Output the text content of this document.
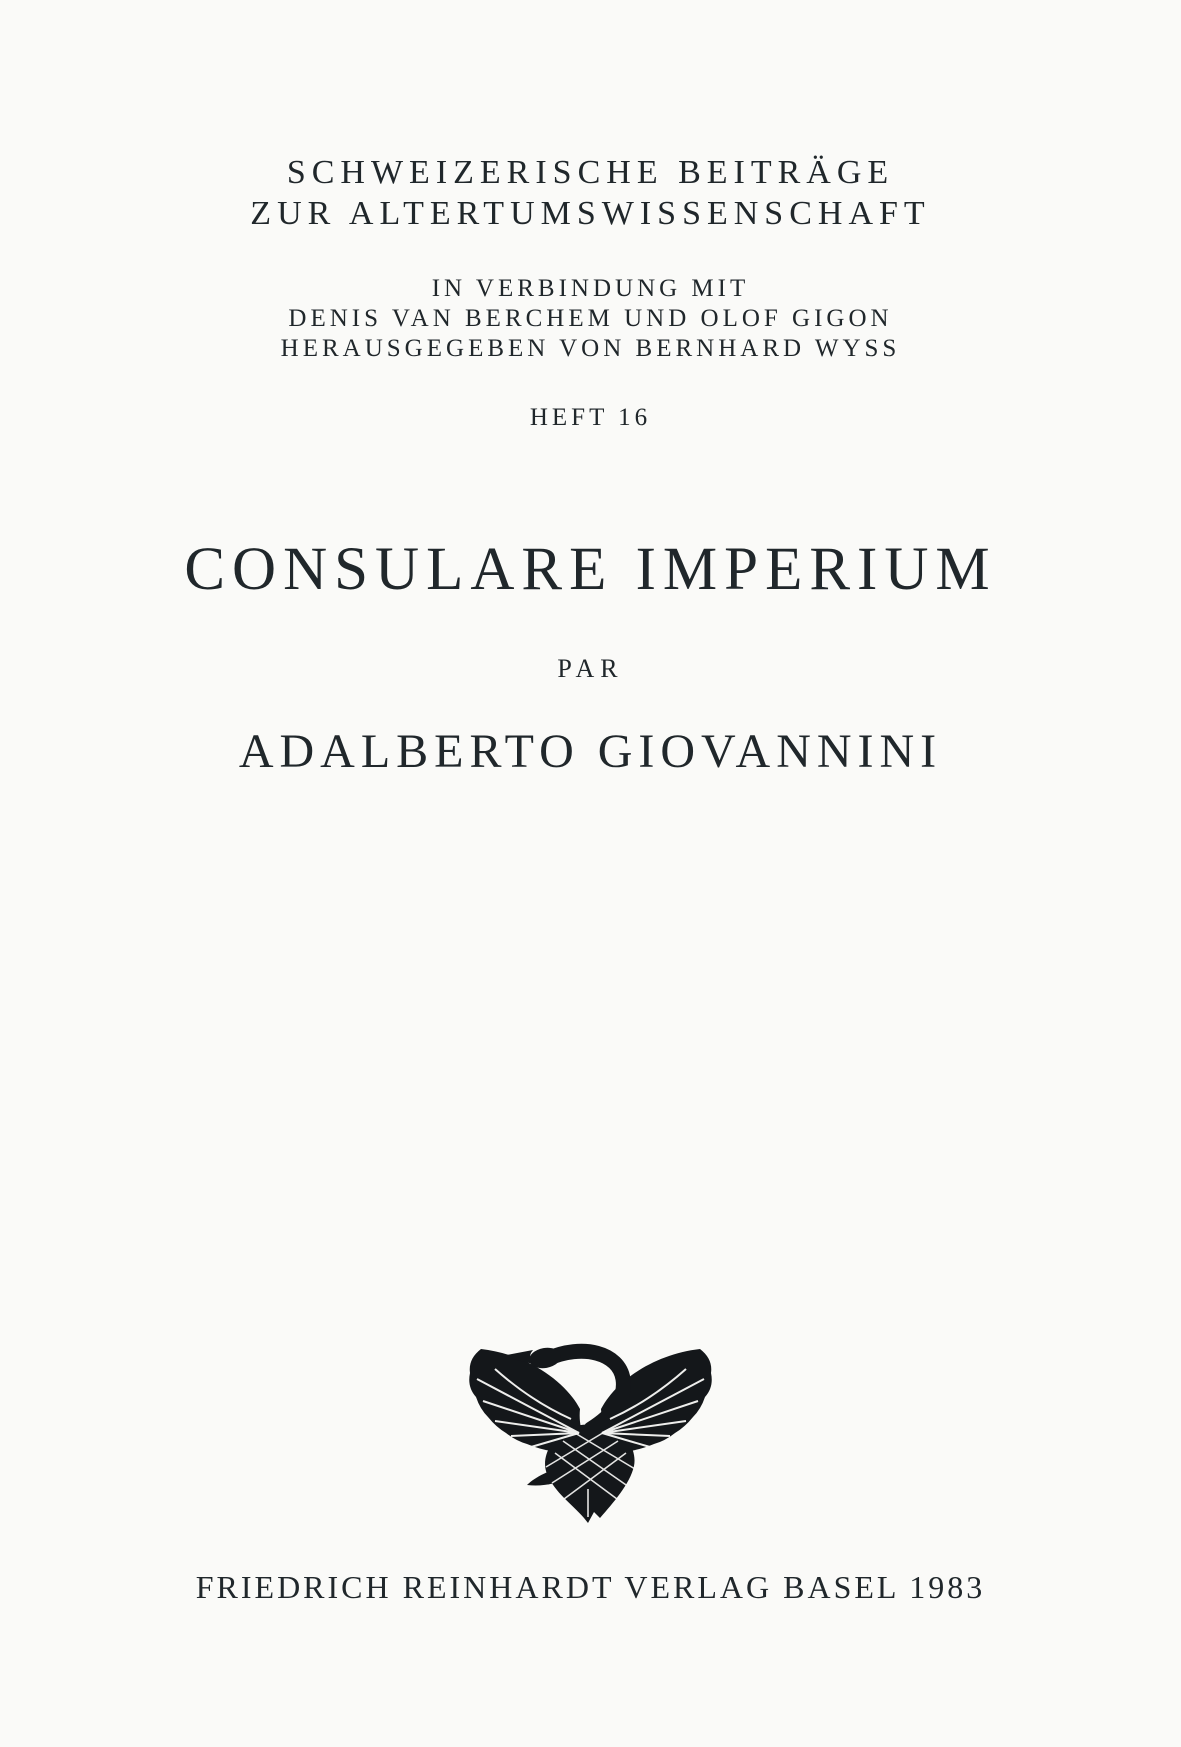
SCHWEIZERISCHE BEITRÄGE
ZUR ALTERTUMSWISSENSCHAFT
IN VERBINDUNG MIT
DENIS VAN BERCHEM UND OLOF GIGON
HERAUSGEGEBEN VON BERNHARD WYSS
HEFT 16
CONSULARE IMPERIUM
PAR
ADALBERTO GIOVANNINI
FRIEDRICH REINHARDT VERLAG BASEL 1983
